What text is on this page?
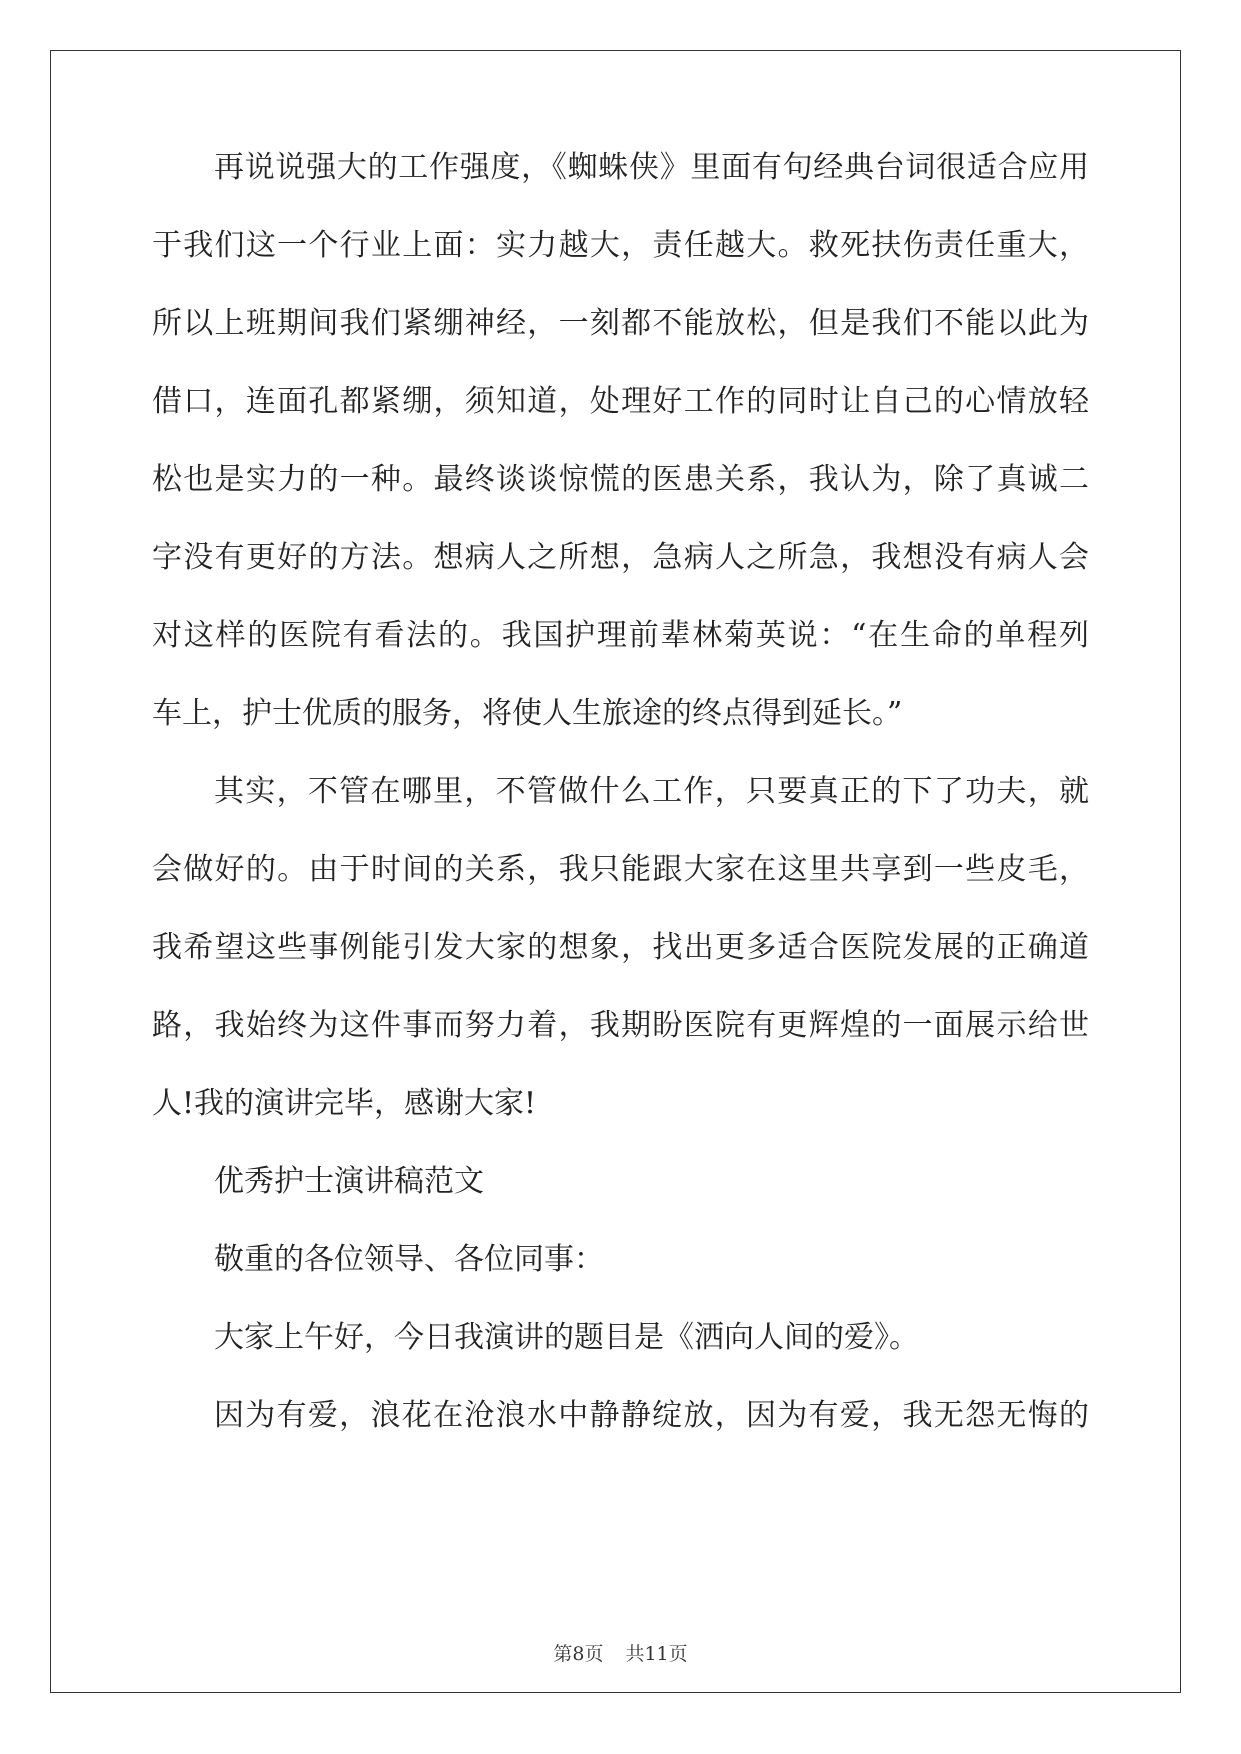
再说说强大的工作强度，《蜘蛛侠》里面有句经典台词很适合应用
于我们这一个行业上面：实力越大，责任越大。救死扶伤责任重大，
所以上班期间我们紧绷神经，一刻都不能放松，但是我们不能以此为
借口，连面孔都紧绷，须知道，处理好工作的同时让自己的心情放轻
松也是实力的一种。最终谈谈惊慌的医患关系，我认为，除了真诚二
字没有更好的方法。想病人之所想，急病人之所急，我想没有病人会
对这样的医院有看法的。我国护理前辈林菊英说：“在生命的单程列
车上，护士优质的服务，将使人生旅途的终点得到延长。”
其实，不管在哪里，不管做什么工作，只要真正的下了功夫，就
会做好的。由于时间的关系，我只能跟大家在这里共享到一些皮毛，
我希望这些事例能引发大家的想象，找出更多适合医院发展的正确道
路，我始终为这件事而努力着，我期盼医院有更辉煌的一面展示给世
人!我的演讲完毕，感谢大家!
优秀护士演讲稿范文
敬重的各位领导、各位同事：
大家上午好，今日我演讲的题目是《洒向人间的爱》。
因为有爱，浪花在沧浪水中静静绽放，因为有爱，我无怨无悔的
第8页 共11页
